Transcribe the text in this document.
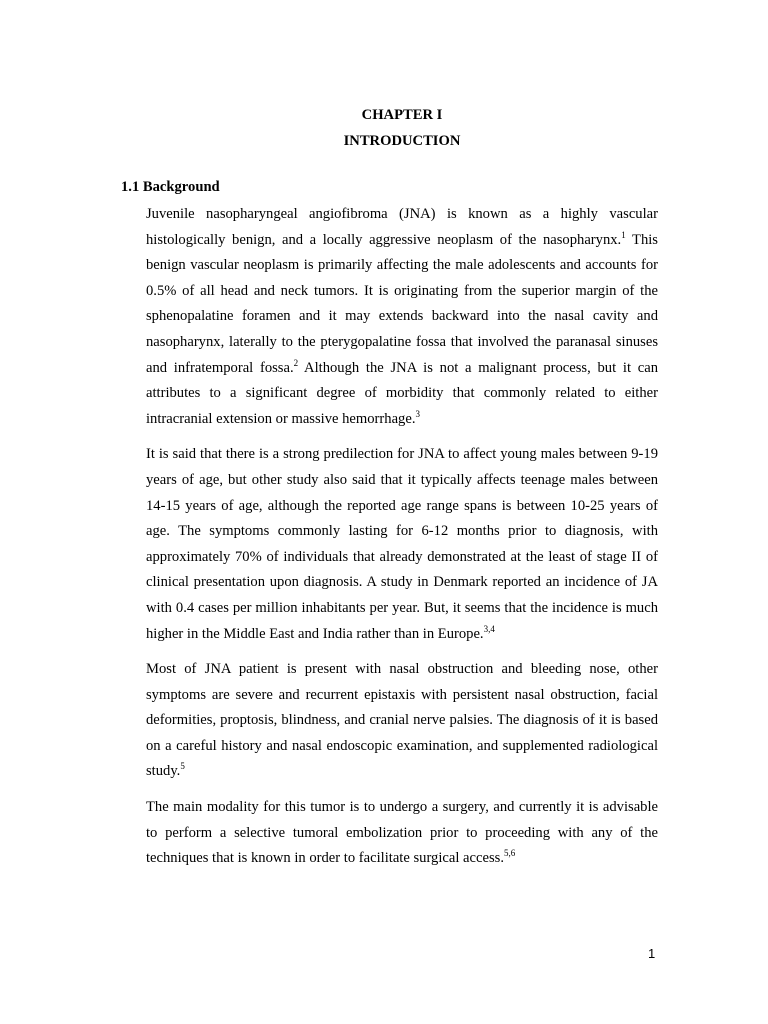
CHAPTER I
INTRODUCTION
1.1 Background

Juvenile nasopharyngeal angiofibroma (JNA) is known as a highly vascular histologically benign, and a locally aggressive neoplasm of the nasopharynx.$^1$ This benign vascular neoplasm is primarily affecting the male adolescents and accounts for 0.5% of all head and neck tumors. It is originating from the superior margin of the sphenopalatine foramen and it may extends backward into the nasal cavity and nasopharynx, laterally to the pterygopalatine fossa that involved the paranasal sinuses and infratemporal fossa.$^2$ Although the JNA is not a malignant process, but it can attributes to a significant degree of morbidity that commonly related to either intracranial extension or massive hemorrhage.$^3$

It is said that there is a strong predilection for JNA to affect young males between 9-19 years of age, but other study also said that it typically affects teenage males between 14-15 years of age, although the reported age range spans is between 10-25 years of age. The symptoms commonly lasting for 6-12 months prior to diagnosis, with approximately 70% of individuals that already demonstrated at the least of stage II of clinical presentation upon diagnosis. A study in Denmark reported an incidence of JA with 0.4 cases per million inhabitants per year. But, it seems that the incidence is much higher in the Middle East and India rather than in Europe.$^{3,4}$

Most of JNA patient is present with nasal obstruction and bleeding nose, other symptoms are severe and recurrent epistaxis with persistent nasal obstruction, facial deformities, proptosis, blindness, and cranial nerve palsies. The diagnosis of it is based on a careful history and nasal endoscopic examination, and supplemented radiological study.$^5$

The main modality for this tumor is to undergo a surgery, and currently it is advisable to perform a selective tumoral embolization prior to proceeding with any of the techniques that is known in order to facilitate surgical access.$^{5,6}$

1
